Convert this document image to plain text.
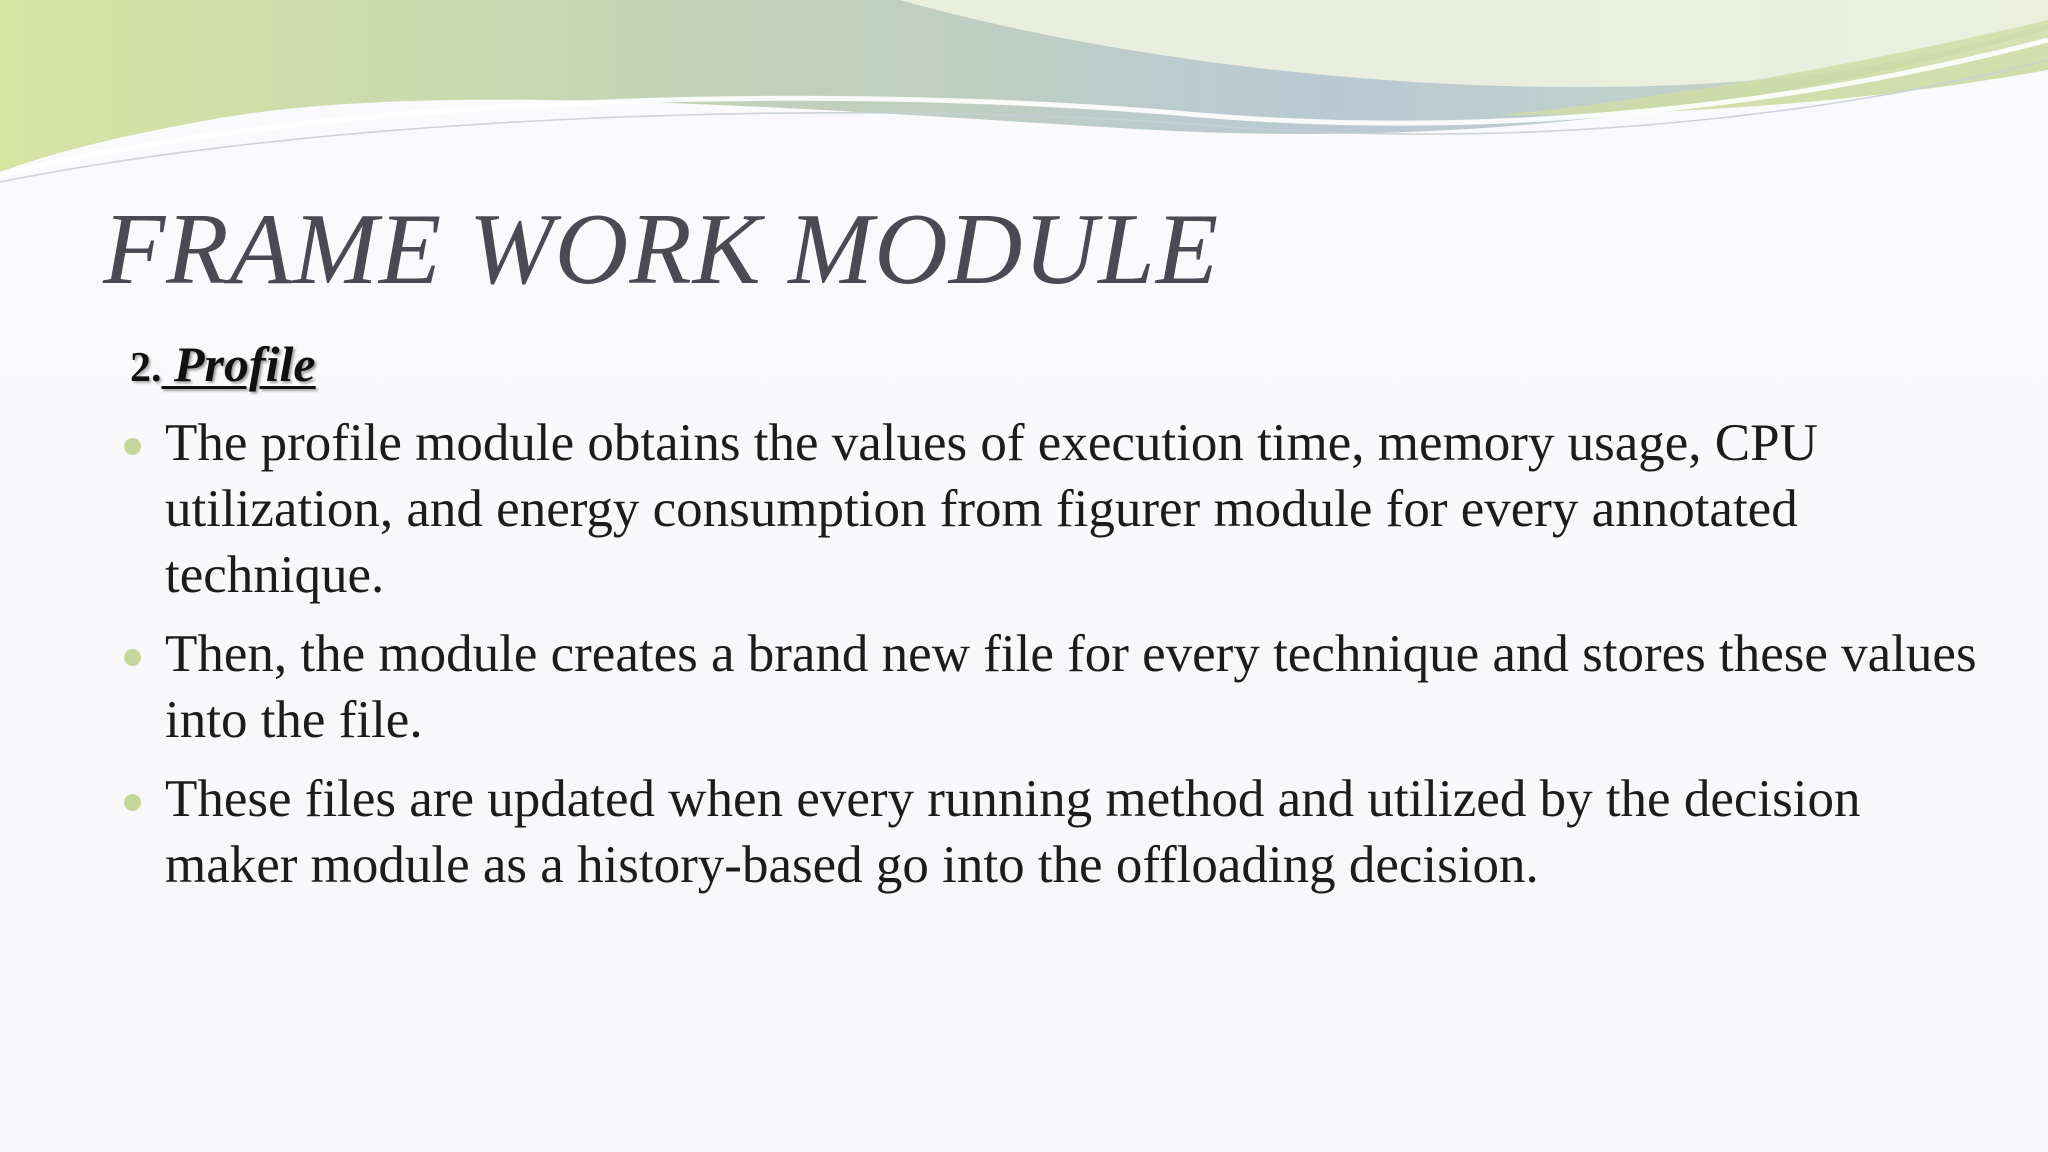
FRAME WORK MODULE
2. Profile
The profile module obtains the values of execution time, memory usage, CPU utilization, and energy consumption from figurer module for every annotated technique.
Then, the module creates a brand new file for every technique and stores these values into the file.
These files are updated when every running method and utilized by the decision maker module as a history-based go into the offloading decision.
